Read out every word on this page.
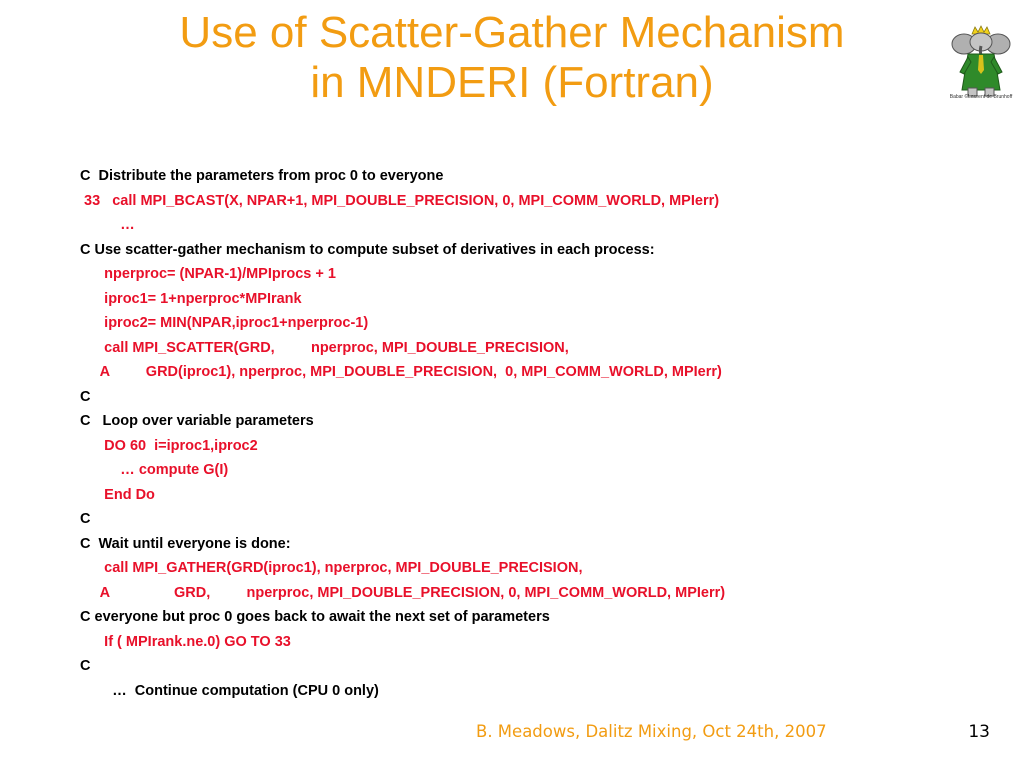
Use of Scatter-Gather Mechanism
in MNDERI (Fortran)	Babar ©Laurent de Brunhoff
C  Distribute the parameters from proc 0 to everyone
33   call MPI_BCAST(X, NPAR+1, MPI_DOUBLE_PRECISION, 0, MPI_COMM_WORLD, MPIerr)
…
C Use scatter-gather mechanism to compute subset of derivatives in each process:
nperproc= (NPAR-1)/MPIprocs + 1
iproc1= 1+nperproc*MPIrank
iproc2= MIN(NPAR,iproc1+nperproc-1)
call MPI_SCATTER(GRD,         nperproc, MPI_DOUBLE_PRECISION,
A         GRD(iproc1), nperproc, MPI_DOUBLE_PRECISION,  0, MPI_COMM_WORLD, MPIerr)
C
C   Loop over variable parameters
DO 60  i=iproc1,iproc2
… compute G(I)
End Do
C
C  Wait until everyone is done:
call MPI_GATHER(GRD(iproc1), nperproc, MPI_DOUBLE_PRECISION,
A                GRD,         nperproc, MPI_DOUBLE_PRECISION, 0, MPI_COMM_WORLD, MPIerr)
C everyone but proc 0 goes back to await the next set of parameters
If ( MPIrank.ne.0) GO TO 33
C
…  Continue computation (CPU 0 only)
B. Meadows, Dalitz Mixing, Oct 24th, 2007	13
